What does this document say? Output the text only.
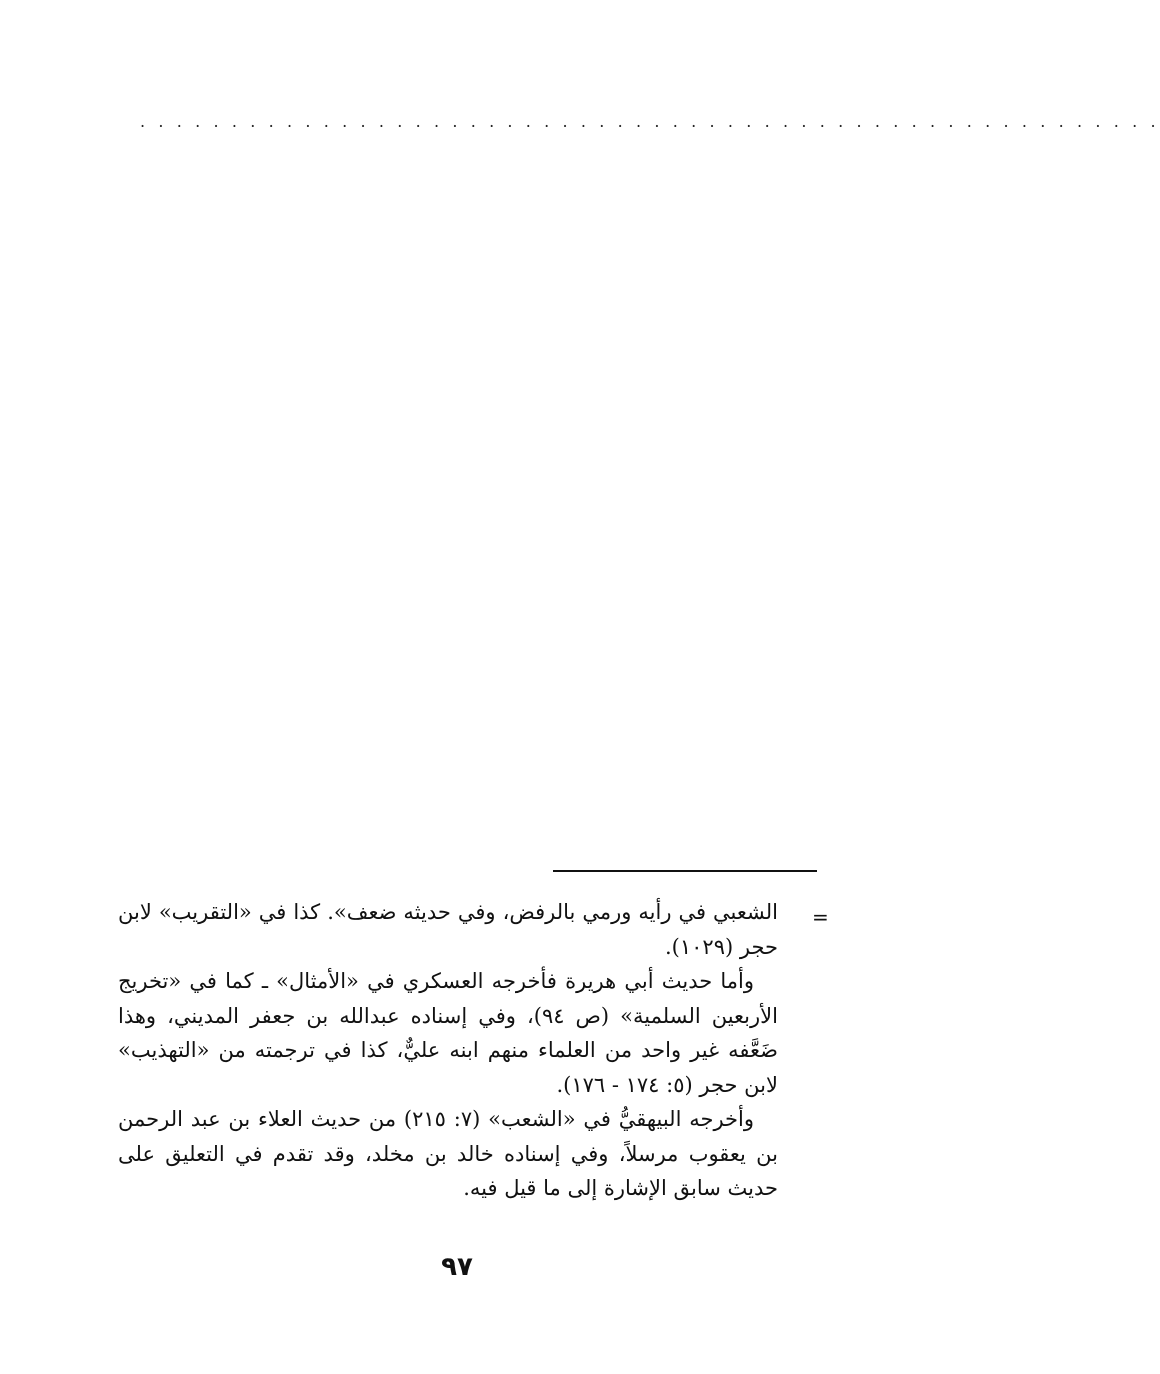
. . . . . . . . . . . . . . . . . . . . . . . . . . . . . . . . . . . . . . . . . . . . . . . . . . . . . . . .
=

الشعبي في رأيه ورمي بالرفض، وفي حديثه ضعف». كذا في «التقريب» لابن حجر (١٠٢٩).

وأما حديث أبي هريرة فأخرجه العسكري في «الأمثال» ـ كما في «تخريج الأربعين السلمية» (ص ٩٤)، وفي إسناده عبدالله بن جعفر المديني، وهذا ضَعَّفه غير واحد من العلماء منهم ابنه عليٌّ، كذا في ترجمته من «التهذيب» لابن حجر (٥: ١٧٤ - ١٧٦).

وأخرجه البيهقيُّ في «الشعب» (٧: ٢١٥) من حديث العلاء بن عبد الرحمن بن يعقوب مرسلاً، وفي إسناده خالد بن مخلد، وقد تقدم في التعليق على حديث سابق الإشارة إلى ما قيل فيه.

٩٧
